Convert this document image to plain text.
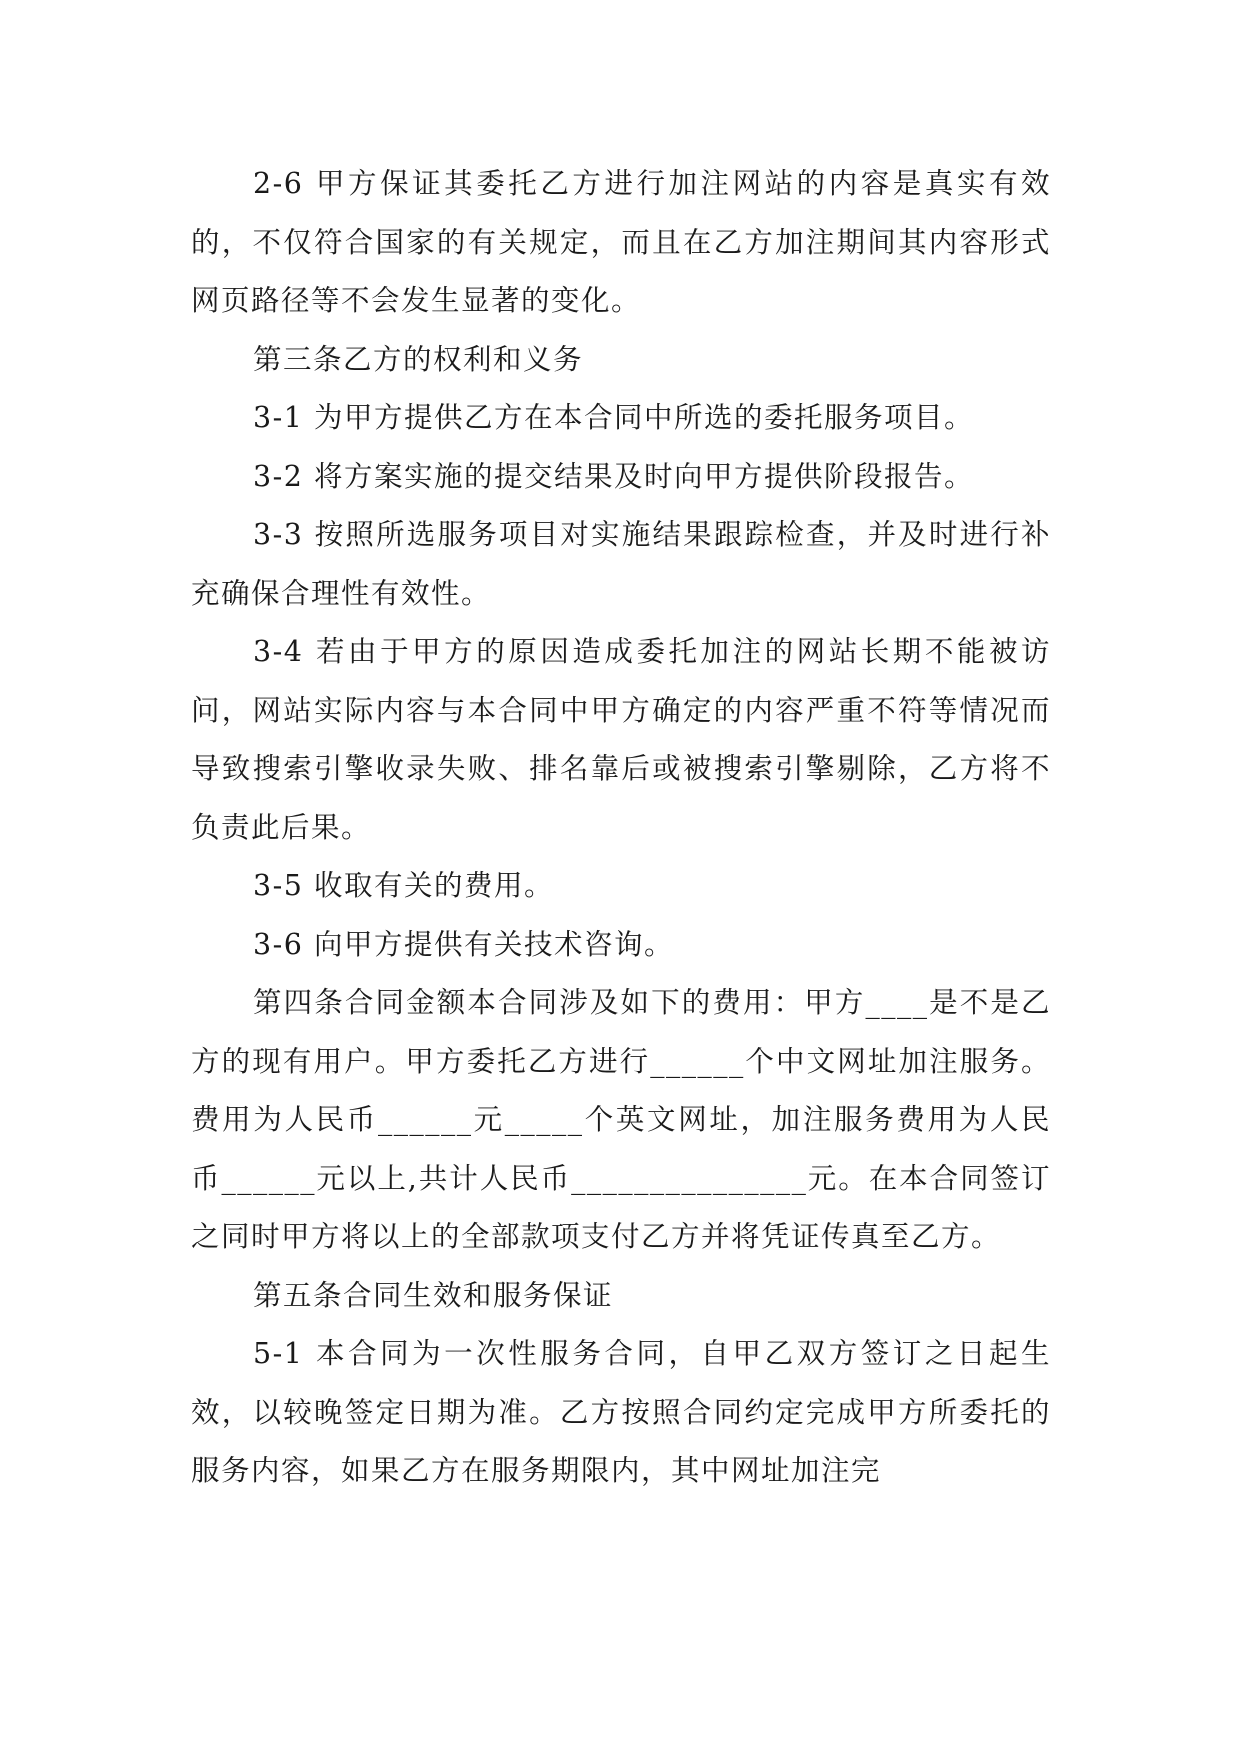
2-6 甲方保证其委托乙方进行加注网站的内容是真实有效的，不仅符合国家的有关规定，而且在乙方加注期间其内容形式网页路径等不会发生显著的变化。

第三条乙方的权利和义务

3-1 为甲方提供乙方在本合同中所选的委托服务项目。

3-2 将方案实施的提交结果及时向甲方提供阶段报告。

3-3 按照所选服务项目对实施结果跟踪检查，并及时进行补充确保合理性有效性。

3-4 若由于甲方的原因造成委托加注的网站长期不能被访问，网站实际内容与本合同中甲方确定的内容严重不符等情况而导致搜索引擎收录失败、排名靠后或被搜索引擎剔除，乙方将不负责此后果。

3-5 收取有关的费用。

3-6 向甲方提供有关技术咨询。

第四条合同金额本合同涉及如下的费用：甲方____是不是乙方的现有用户。甲方委托乙方进行______个中文网址加注服务。费用为人民币______元_____个英文网址，加注服务费用为人民币______元以上,共计人民币_______________元。在本合同签订之同时甲方将以上的全部款项支付乙方并将凭证传真至乙方。

第五条合同生效和服务保证

5-1 本合同为一次性服务合同，自甲乙双方签订之日起生效，以较晚签定日期为准。乙方按照合同约定完成甲方所委托的服务内容，如果乙方在服务期限内，其中网址加注完
